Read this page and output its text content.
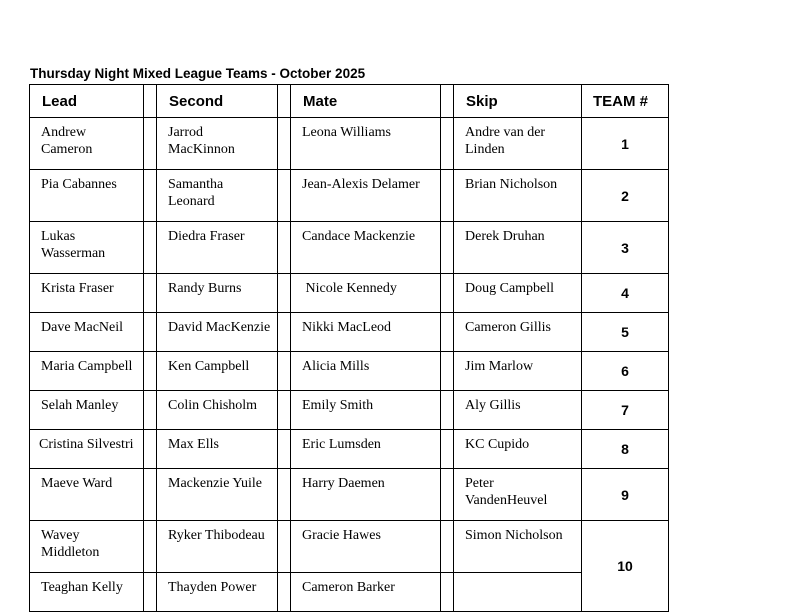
Thursday Night Mixed League Teams - October 2025
Lead		Second		Mate		Skip	TEAM #
Andrew Cameron		Jarrod MacKinnon		Leona Williams		Andre van der Linden	1
Pia Cabannes		Samantha Leonard		Jean-Alexis Delamer		Brian Nicholson	2
Lukas Wasserman		Diedra Fraser		Candace Mackenzie		Derek Druhan	3
Krista Fraser		Randy Burns		Nicole Kennedy		Doug Campbell	4
Dave MacNeil		David MacKenzie		Nikki MacLeod		Cameron Gillis	5
Maria Campbell		Ken Campbell		Alicia Mills		Jim Marlow	6
Selah Manley		Colin Chisholm		Emily Smith		Aly Gillis	7
Cristina Silvestri		Max Ells		Eric Lumsden		KC Cupido	8
Maeve Ward		Mackenzie Yuile		Harry Daemen		Peter VandenHeuvel	9
Wavey Middleton		Ryker Thibodeau		Gracie Hawes		Simon Nicholson	10
Teaghan Kelly		Thayden Power		Cameron Barker			
